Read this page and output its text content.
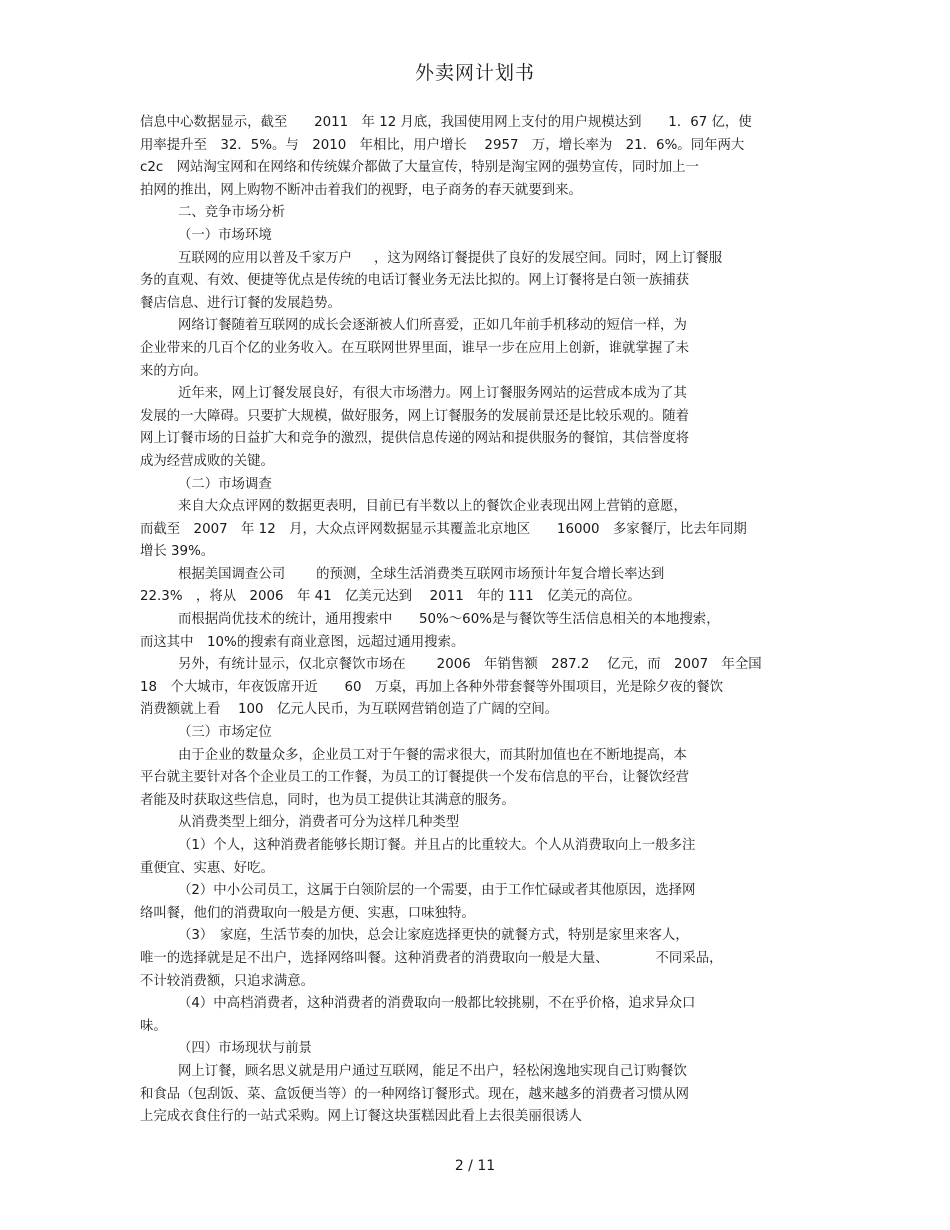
外卖网计划书
信息中心数据显示，截至　　2011　年 12 月底，我国使用网上支付的用户规模达到　　1．67 亿，使
用率提升至　32．5%。与　2010　年相比，用户增长　 2957　万，增长率为　21．6%。同年两大
c2c　网站淘宝网和在网络和传统媒介都做了大量宣传，特别是淘宝网的强势宣传，同时加上一
拍网的推出，网上购物不断冲击着我们的视野，电子商务的春天就要到来。
二、竞争市场分析
（一）市场环境
互联网的应用以普及千家万户　  ，这为网络订餐提供了良好的发展空间。同时，网上订餐服
务的直观、有效、便捷等优点是传统的电话订餐业务无法比拟的。网上订餐将是白领一族捕获
餐店信息、进行订餐的发展趋势。
网络订餐随着互联网的成长会逐渐被人们所喜爱，正如几年前手机移动的短信一样，为
企业带来的几百个亿的业务收入。在互联网世界里面，谁早一步在应用上创新，谁就掌握了未
来的方向。
近年来，网上订餐发展良好，有很大市场潜力。网上订餐服务网站的运营成本成为了其
发展的一大障碍。只要扩大规模，做好服务，网上订餐服务的发展前景还是比较乐观的。随着
网上订餐市场的日益扩大和竞争的激烈，提供信息传递的网站和提供服务的餐馆，其信誉度将
成为经营成败的关键。
（二）市场调查
来自大众点评网的数据更表明，目前已有半数以上的餐饮企业表现出网上营销的意愿，
而截至　2007　年 12　月，大众点评网数据显示其覆盖北京地区　　16000　多家餐厅，比去年同期
增长 39%。
根据美国调查公司　　 的预测，全球生活消费类互联网市场预计年复合增长率达到
22.3%　，将从　2006　年 41　亿美元达到　 2011　年的 111　亿美元的高位。
而根据尚优技术的统计，通用搜索中　　50%～60%是与餐饮等生活信息相关的本地搜索，
而这其中　10%的搜索有商业意图，远超过通用搜索。
另外，有统计显示，仅北京餐饮市场在　　 2006　年销售额　287.2　 亿元，而　2007　年全国
18　个大城市，年夜饭席开近　　60　万桌，再加上各种外带套餐等外围项目，光是除夕夜的餐饮
消费额就上看　 100　亿元人民币，为互联网营销创造了广阔的空间。
（三）市场定位
由于企业的数量众多，企业员工对于午餐的需求很大，而其附加值也在不断地提高，本
平台就主要针对各个企业员工的工作餐，为员工的订餐提供一个发布信息的平台，让餐饮经营
者能及时获取这些信息，同时，也为员工提供让其满意的服务。
从消费类型上细分，消费者可分为这样几种类型
（1）个人，这种消费者能够长期订餐。并且占的比重较大。个人从消费取向上一般多注
重便宜、实惠、好吃。
（2）中小公司员工，这属于白领阶层的一个需要，由于工作忙碌或者其他原因，选择网
络叫餐，他们的消费取向一般是方便、实惠，口味独特。
（3）　家庭，生活节奏的加快，总会让家庭选择更快的就餐方式，特别是家里来客人，
唯一的选择就是足不出户，选择网络叫餐。这种消费者的消费取向一般是大量、　　　　不同采品，
不计较消费额，只追求满意。
（4）中高档消费者，这种消费者的消费取向一般都比较挑剔，不在乎价格，追求异众口
味。
（四）市场现状与前景
网上订餐，顾名思义就是用户通过互联网，能足不出户，轻松闲逸地实现自己订购餐饮
和食品（包刮饭、菜、盒饭便当等）的一种网络订餐形式。现在，越来越多的消费者习惯从网
上完成衣食住行的一站式采购。网上订餐这块蛋糕因此看上去很美丽很诱人
2 / 11
